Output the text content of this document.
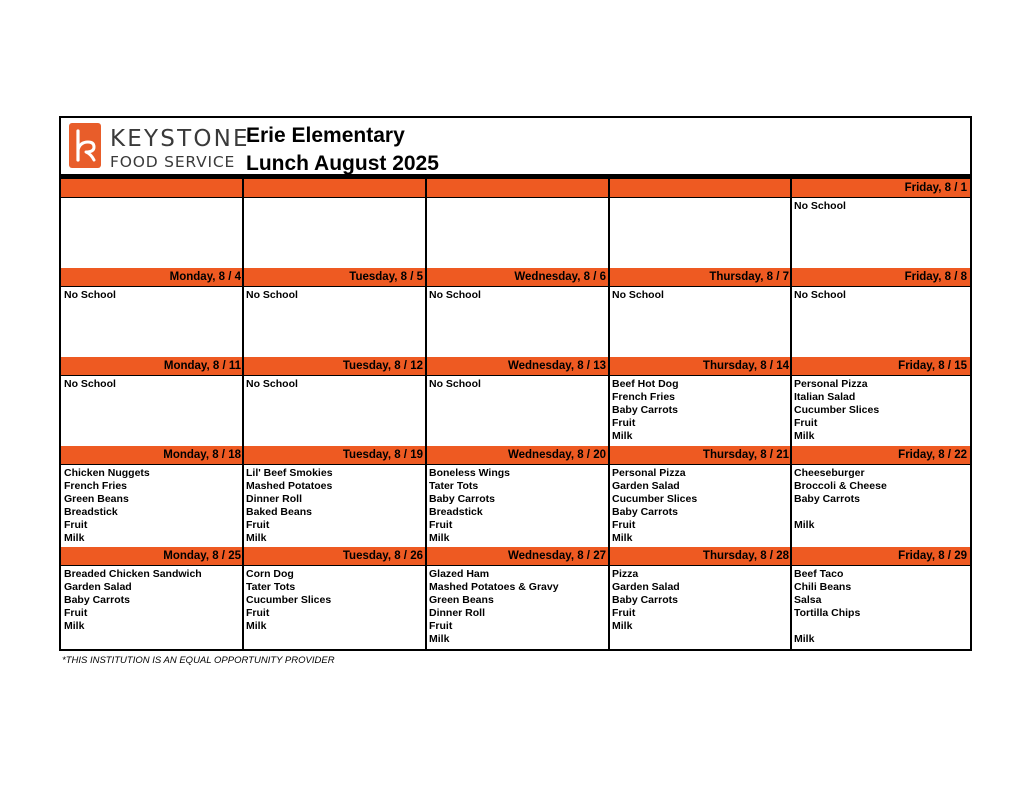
KEYSTONE
FOOD SERVICE
Erie Elementary
Lunch August 2025
Friday, 8 / 1
No School
Monday, 8 / 4
No School
Tuesday, 8 / 5
No School
Wednesday, 8 / 6
No School
Thursday, 8 / 7
No School
Friday, 8 / 8
No School
Monday, 8 / 11
No School
Tuesday, 8 / 12
No School
Wednesday, 8 / 13
No School
Thursday, 8 / 14
Beef Hot Dog
French Fries
Baby Carrots
Fruit
Milk
Friday, 8 / 15
Personal Pizza
Italian Salad
Cucumber Slices
Fruit
Milk
Monday, 8 / 18
Chicken Nuggets
French Fries
Green Beans
Breadstick
Fruit
Milk
Tuesday, 8 / 19
Lil' Beef Smokies
Mashed Potatoes
Dinner Roll
Baked Beans
Fruit
Milk
Wednesday, 8 / 20
Boneless Wings
Tater Tots
Baby Carrots
Breadstick
Fruit
Milk
Thursday, 8 / 21
Personal Pizza
Garden Salad
Cucumber Slices
Baby Carrots
Fruit
Milk
Friday, 8 / 22
Cheeseburger
Broccoli & Cheese
Baby Carrots
Milk
Monday, 8 / 25
Breaded Chicken Sandwich
Garden Salad
Baby Carrots
Fruit
Milk
Tuesday, 8 / 26
Corn Dog
Tater Tots
Cucumber Slices
Fruit
Milk
Wednesday, 8 / 27
Glazed Ham
Mashed Potatoes & Gravy
Green Beans
Dinner Roll
Fruit
Milk
Thursday, 8 / 28
Pizza
Garden Salad
Baby Carrots
Fruit
Milk
Friday, 8 / 29
Beef Taco
Chili Beans
Salsa
Tortilla Chips
Milk
*THIS INSTITUTION IS AN EQUAL OPPORTUNITY PROVIDER
